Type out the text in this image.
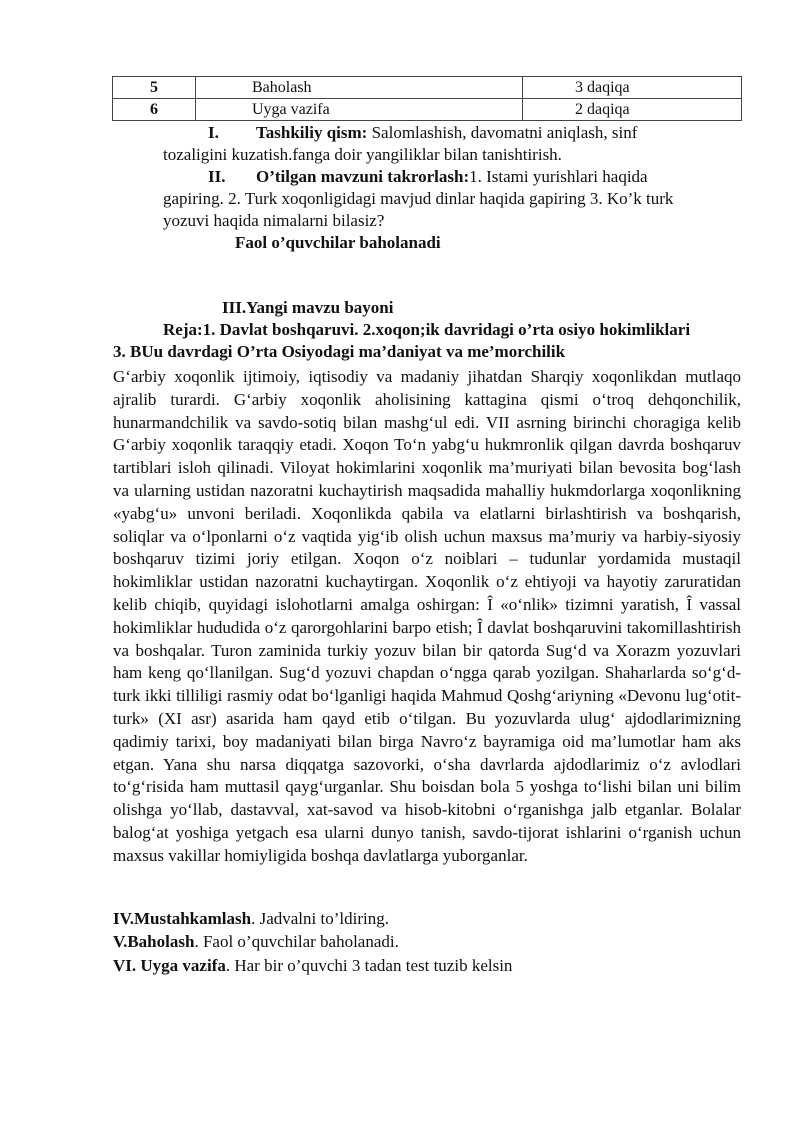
5	Baholash	3 daqiqa
6	Uyga vazifa	2 daqiqa
I. Tashkiliy qism: Salomlashish, davomatni aniqlash, sinf
tozaligini kuzatish.fanga doir yangiliklar bilan tanishtirish.
II. O’tilgan mavzuni takrorlash:1. Istami yurishlari haqida
gapiring. 2. Turk xoqonligidagi mavjud dinlar haqida gapiring 3. Ko’k turk
yozuvi haqida nimalarni bilasiz?
Faol o’quvchilar baholanadi
III.Yangi mavzu bayoni
Reja:1. Davlat boshqaruvi. 2.xoqon;ik davridagi o’rta osiyo hokimliklari
3. BUu davrdagi O’rta Osiyodagi ma’daniyat va me’morchilik

G‘arbiy xoqonlik ijtimoiy, iqtisodiy va madaniy jihatdan Sharqiy xoqonlikdan mutlaqo ajralib turardi. G‘arbiy xoqonlik aholisining kattagina qismi o‘troq dehqonchilik, hunarmandchilik va savdo-sotiq bilan mashg‘ul edi. VII asrning birinchi choragiga kelib G‘arbiy xoqonlik taraqqiy etadi. Xoqon To‘n yabg‘u hukmronlik qilgan davrda boshqaruv tartiblari isloh qilinadi. Viloyat hokimlarini xoqonlik ma’muriyati bilan bevosita bog‘lash va ularning ustidan nazoratni kuchaytirish maqsadida mahalliy hukmdorlarga xoqonlikning «yabg‘u» unvoni beriladi. Xoqonlikda qabila va elatlarni birlashtirish va boshqarish, soliqlar va o‘lponlarni o‘z vaqtida yig‘ib olish uchun maxsus ma’muriy va harbiy-siyosiy boshqaruv tizimi joriy etilgan. Xoqon o‘z noiblari – tudunlar yordamida mustaqil hokimliklar ustidan nazoratni kuchaytirgan. Xoqonlik o‘z ehtiyoji va hayotiy zaruratidan kelib chiqib, quyidagi islohotlarni amalga oshirgan: Î «o‘nlik» tizimni yaratish, Î vassal hokimliklar hududida o‘z qarorgohlarini barpo etish; Î davlat boshqaruvini takomillashtirish va boshqalar. Turon zaminida turkiy yozuv bilan bir qatorda Sug‘d va Xorazm yozuvlari ham keng qo‘llanilgan. Sug‘d yozuvi chapdan o‘ngga qarab yozilgan. Shaharlarda so‘g‘d-turk ikki tilliligi rasmiy odat bo‘lganligi haqida Mahmud Qoshg‘ariyning «Devonu lug‘otit-turk» (XI asr) asarida ham qayd etib o‘tilgan. Bu yozuvlarda ulug‘ ajdodlarimizning qadimiy tarixi, boy madaniyati bilan birga Navro‘z bayramiga oid ma’lumotlar ham aks etgan. Yana shu narsa diqqatga sazovorki, o‘sha davrlarda ajdodlarimiz o‘z avlodlari to‘g‘risida ham muttasil qayg‘urganlar. Shu boisdan bola 5 yoshga to‘lishi bilan uni bilim olishga yo‘llab, dastavval, xat-savod va hisob-kitobni o‘rganishga jalb etganlar. Bolalar balog‘at yoshiga yetgach esa ularni dunyo tanish, savdo-tijorat ishlarini o‘rganish uchun maxsus vakillar homiyligida boshqa davlatlarga yuborganlar.

IV.Mustahkamlash. Jadvalni to’ldiring.
V.Baholash. Faol o’quvchilar baholanadi.
VI. Uyga vazifa. Har bir o’quvchi 3 tadan test tuzib kelsin
